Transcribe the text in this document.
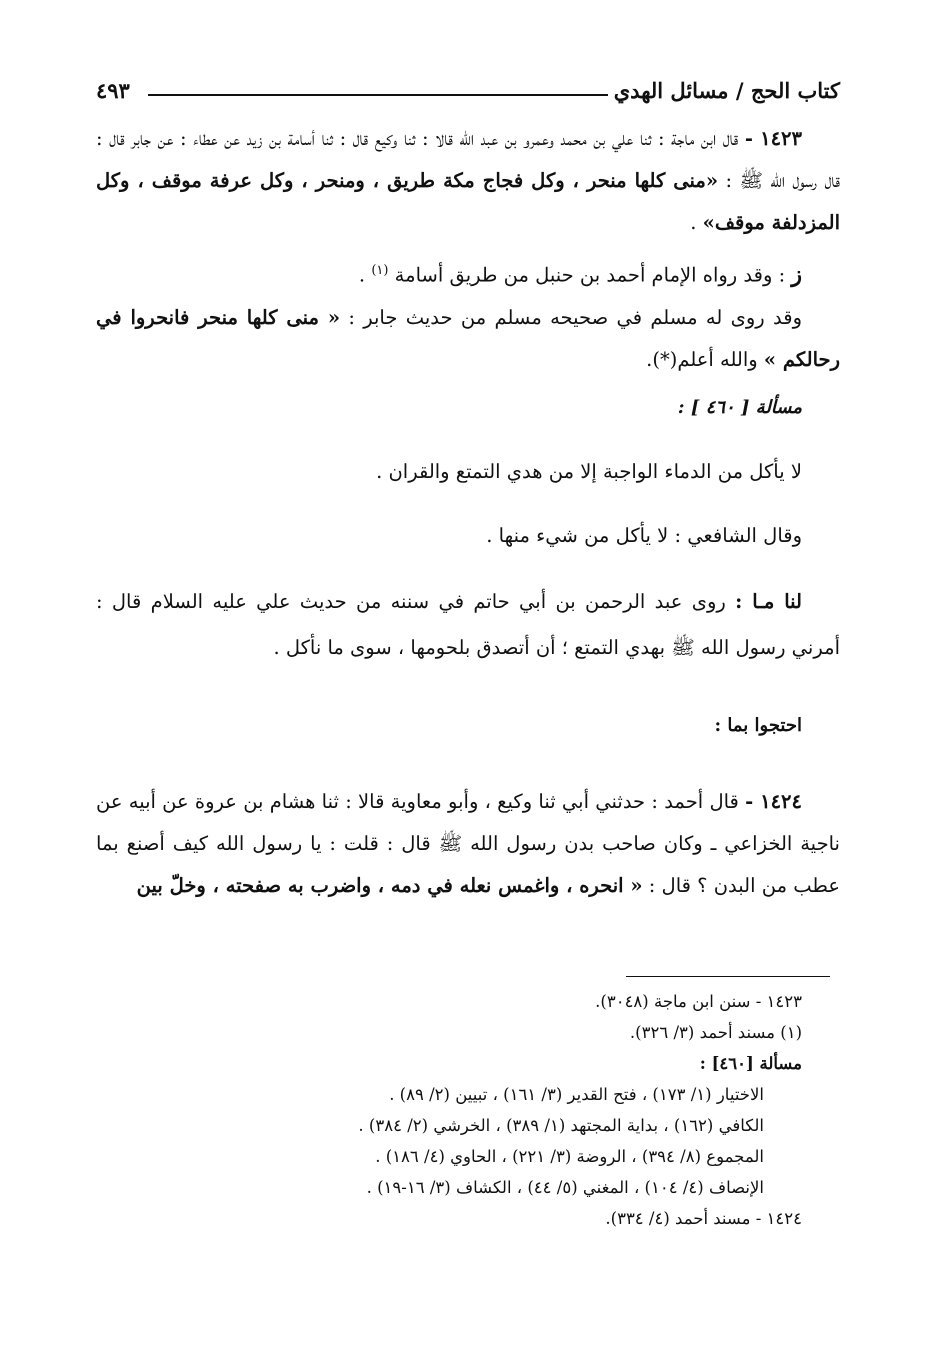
كتاب الحج / مسائل الهدي
٤٩٣

١٤٢٣ - قال ابن ماجة : ثنا علي بن محمد وعمرو بن عبد الله قالا : ثنا وكيع قال : ثنا أسامة بن زيد عن عطاء : عن جابر قال : قال رسول الله ﷺ : «منى كلها منحر ، وكل فجاج مكة طريق ، ومنحر ، وكل عرفة موقف ، وكل المزدلفة موقف» .

ز : وقد رواه الإمام أحمد بن حنبل من طريق أسامة $^{(١)}$ .

وقد روى له مسلم في صحيحه مسلم من حديث جابر : « منى كلها منحر فانحروا في رحالكم » والله أعلم(*).

مسألة [ ٤٦٠ ] :

لا يأكل من الدماء الواجبة إلا من هدي التمتع والقران .

وقال الشافعي : لا يأكل من شيء منها .

لنا مـا : روى عبد الرحمن بن أبي حاتم في سننه من حديث علي عليه السلام قال : أمرني رسول الله ﷺ بهدي التمتع ؛ أن أتصدق بلحومها ، سوى ما نأكل .

احتجوا بما :

١٤٢٤ - قال أحمد : حدثني أبي ثنا وكيع ، وأبو معاوية قالا : ثنا هشام بن عروة عن أبيه عن ناجية الخزاعي ـ وكان صاحب بدن رسول الله ﷺ قال : قلت : يا رسول الله كيف أصنع بما عطب من البدن ؟ قال : « انحره ، واغمس نعله في دمه ، واضرب به صفحته ، وخلّ بين

١٤٢٣ - سنن ابن ماجة (٣٠٤٨).

(١) مسند أحمد (٣/ ٣٢٦).

مسألة [٤٦٠] :

الاختيار (١/ ١٧٣) ، فتح القدير (٣/ ١٦١) ، تبيين (٢/ ٨٩) .

الكافي (١٦٢) ، بداية المجتهد (١/ ٣٨٩) ، الخرشي (٢/ ٣٨٤) .

المجموع (٨/ ٣٩٤) ، الروضة (٣/ ٢٢١) ، الحاوي (٤/ ١٨٦) .

الإنصاف (٤/ ١٠٤) ، المغني (٥/ ٤٤) ، الكشاف (٣/ ١٦-١٩) .

١٤٢٤ - مسند أحمد (٤/ ٣٣٤).
